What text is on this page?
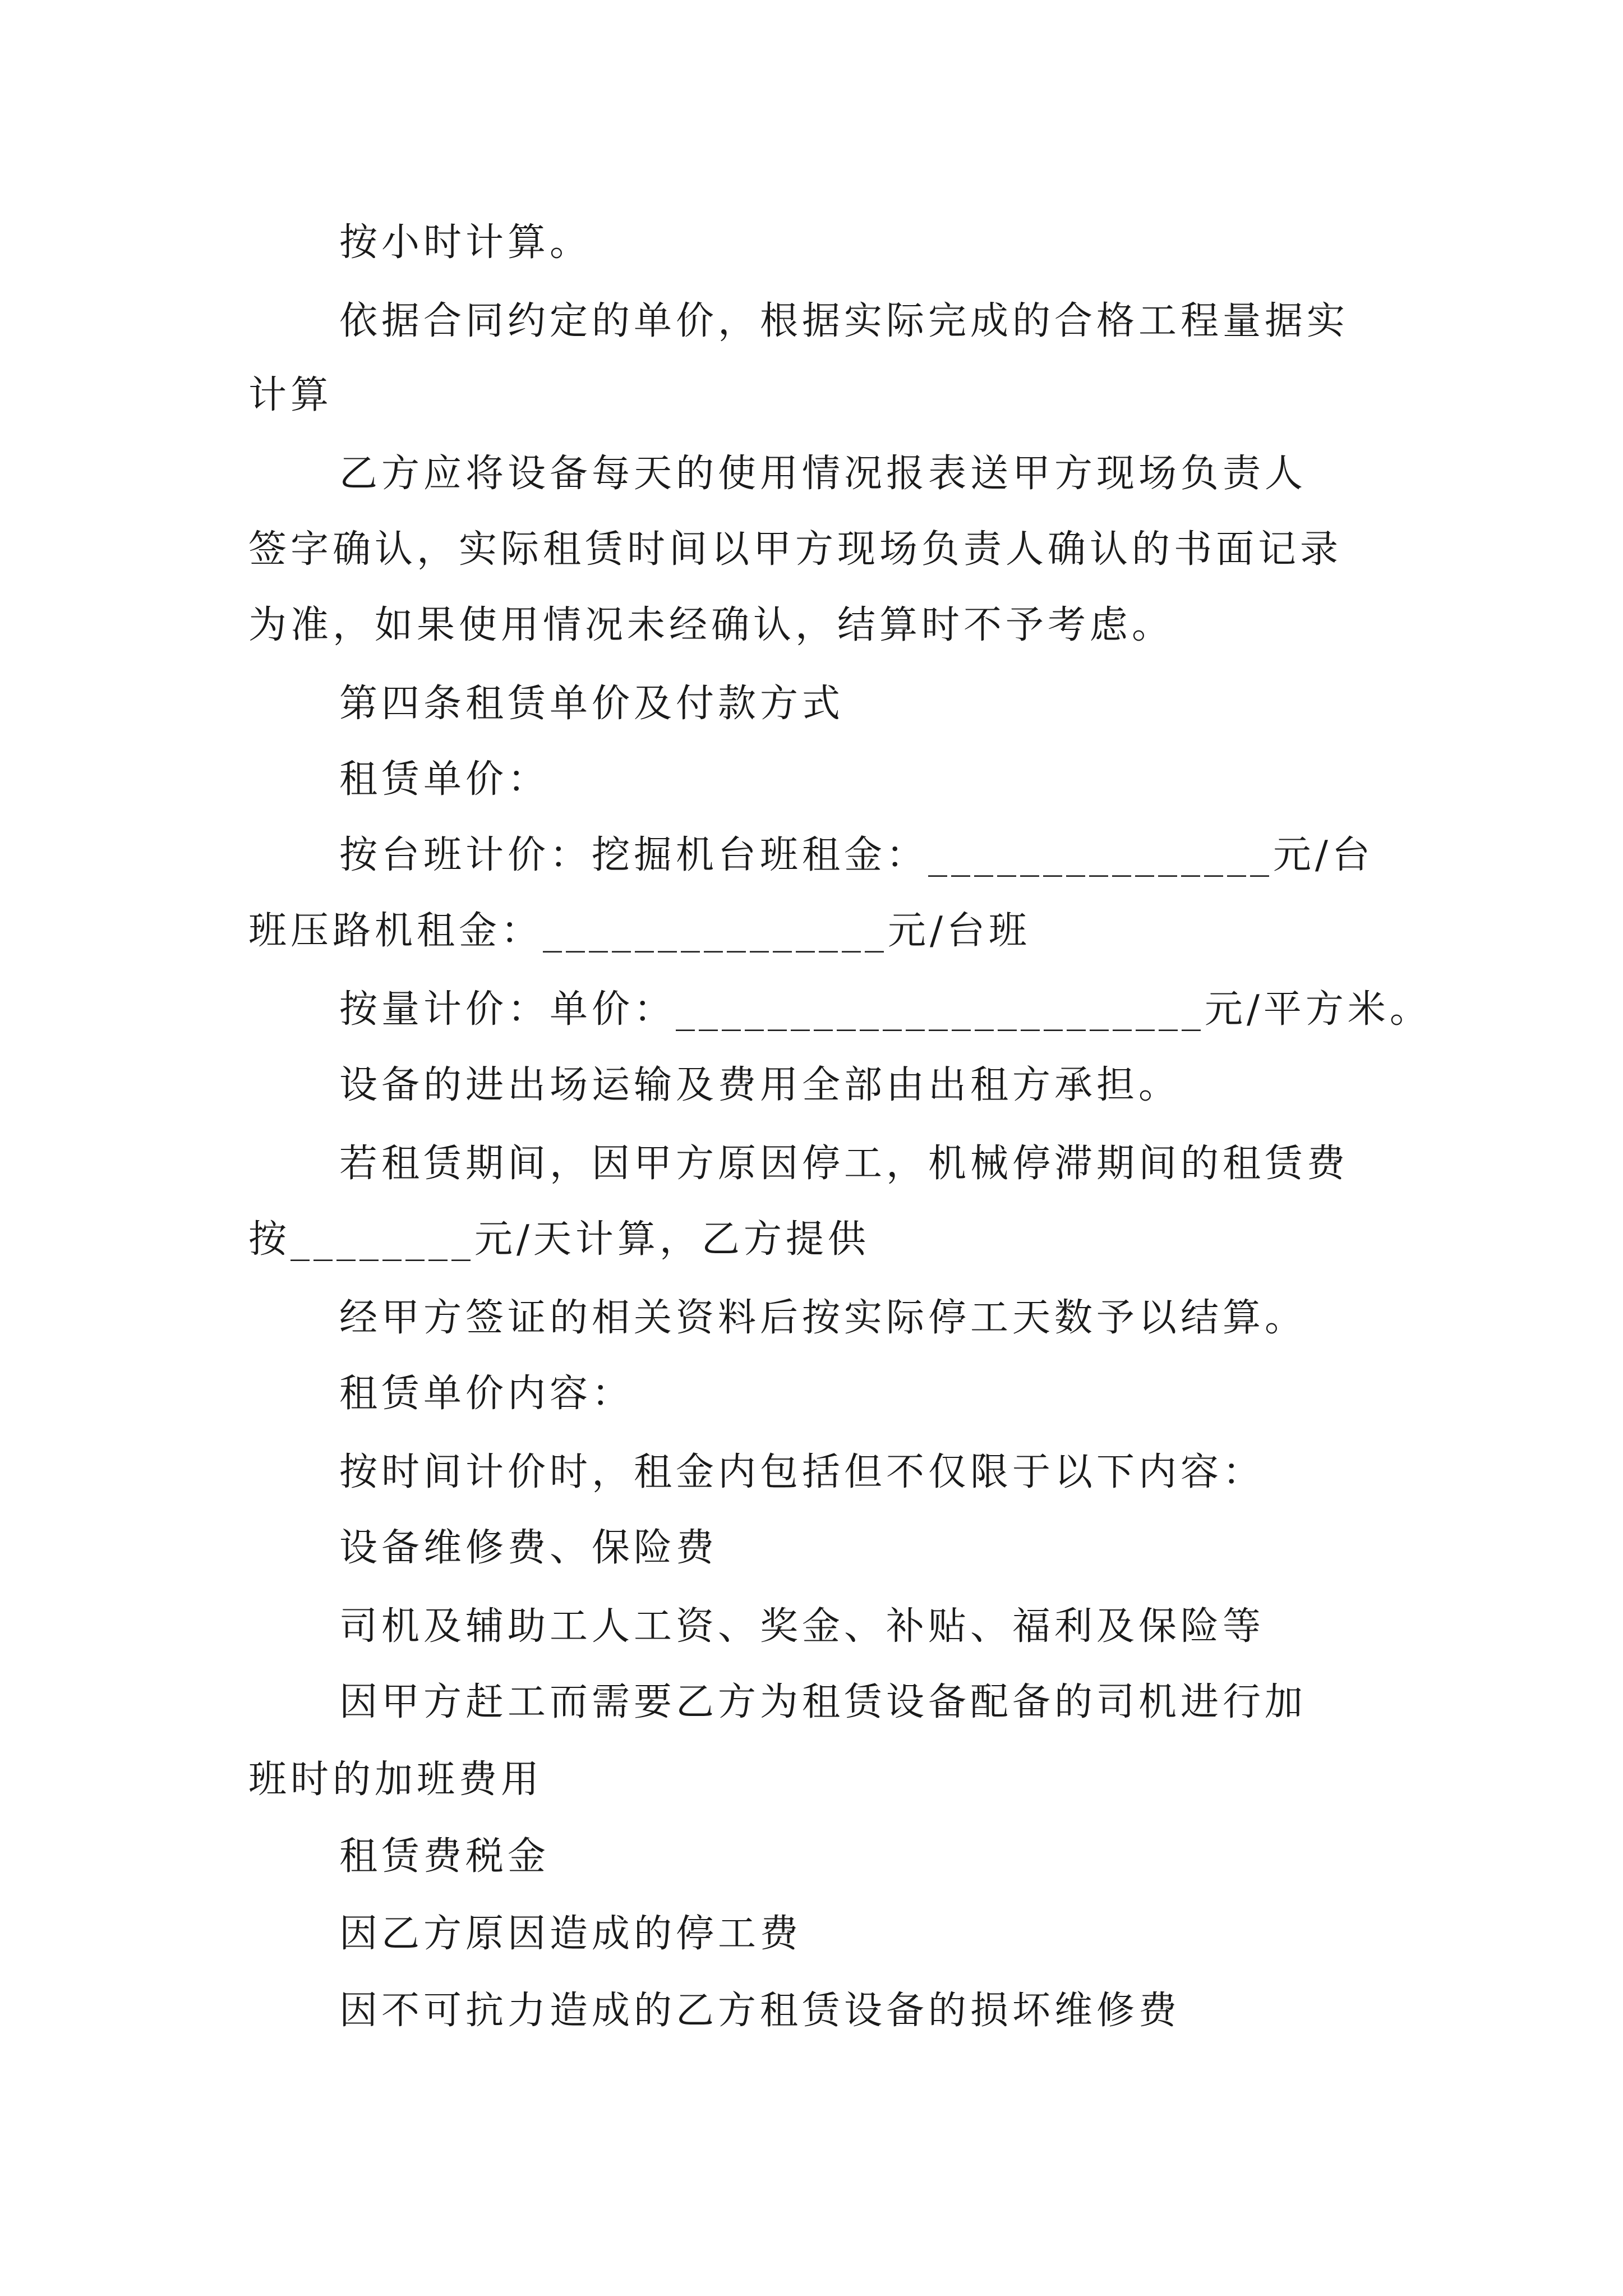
按小时计算。
依据合同约定的单价，根据实际完成的合格工程量据实
计算
乙方应将设备每天的使用情况报表送甲方现场负责人
签字确认，实际租赁时间以甲方现场负责人确认的书面记录
为准，如果使用情况未经确认，结算时不予考虑。
第四条租赁单价及付款方式
租赁单价：
按台班计价：挖掘机台班租金：_______________元/台
班压路机租金：_______________元/台班
按量计价：单价：_______________________元/平方米。
设备的进出场运输及费用全部由出租方承担。
若租赁期间，因甲方原因停工，机械停滞期间的租赁费
按________元/天计算，乙方提供
经甲方签证的相关资料后按实际停工天数予以结算。
租赁单价内容：
按时间计价时，租金内包括但不仅限于以下内容：
设备维修费、保险费
司机及辅助工人工资、奖金、补贴、福利及保险等
因甲方赶工而需要乙方为租赁设备配备的司机进行加
班时的加班费用
租赁费税金
因乙方原因造成的停工费
因不可抗力造成的乙方租赁设备的损坏维修费
